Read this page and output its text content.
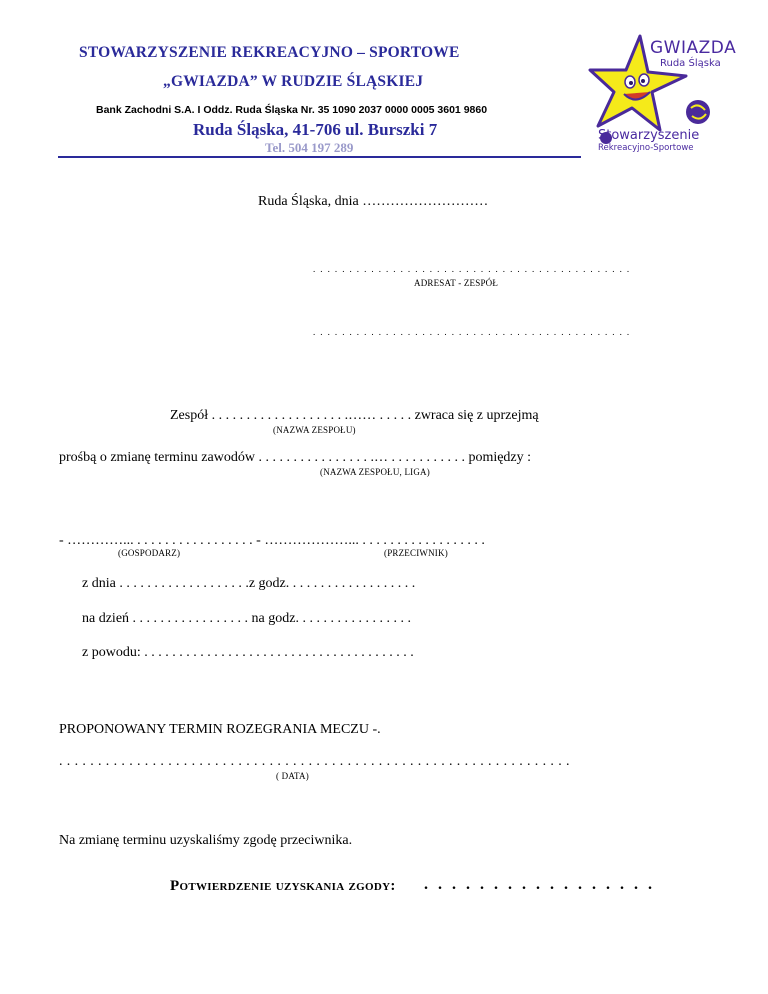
STOWARZYSZENIE REKREACYJNO – SPORTOWE
„GWIAZDA” W RUDZIE ŚLĄSKIEJ
Bank Zachodni S.A. I Oddz. Ruda Śląska Nr. 35 1090 2037 0000 0005 3601 9860
Ruda Śląska, 41-706 ul. Burszki 7
Tel. 504 197 289
GWIAZDA
Ruda Śląska
Stowarzyszenie
Rekreacyjno-Sportowe
Ruda Śląska, dnia ………………………
. . . . . . . . . . . . . . . . . . . . . . . . . . . . . . . . . . . . . . . . . . . .
ADRESAT - ZESPÓŁ
. . . . . . . . . . . . . . . . . . . . . . . . . . . . . . . . . . . . . . . . . . . .
Zespół . . . . . . . . . . . . . . . . . . . .…… . . . . . zwraca się z uprzejmą
(NAZWA ZESPOŁU)
prośbą o zmianę terminu zawodów . . . . . . . . . . . . . . . . .… . . . . . . . . . . . pomiędzy :
(NAZWA ZESPOŁU, LIGA)
- …………... . . . . . . . . . . . . . . . . . - ………………... . . . . . . . . . . . . . . . . . .
(GOSPODARZ)	(PRZECIWNIK)
z dnia . . . . . . . . . . . . . . . . . . .z godz. . . . . . . . . . . . . . . . . . .
na dzień . . . . . . . . . . . . . . . . . na godz. . . . . . . . . . . . . . . . .
z powodu: . . . . . . . . . . . . . . . . . . . . . . . . . . . . . . . . . . . . . . .
PROPONOWANY TERMIN ROZEGRANIA MECZU -.
. . . . . . . . . . . . . . . . . . . . . . . . . . . . . . . . . . . . . . . . . . . . . . . . . . . . . . . . . . . . . . . . . .
( DATA)
Na zmianę terminu uzyskaliśmy zgodę przeciwnika.
Potwierdzenie uzyskania zgody: . . . . . . . . . . . . . . . . .
